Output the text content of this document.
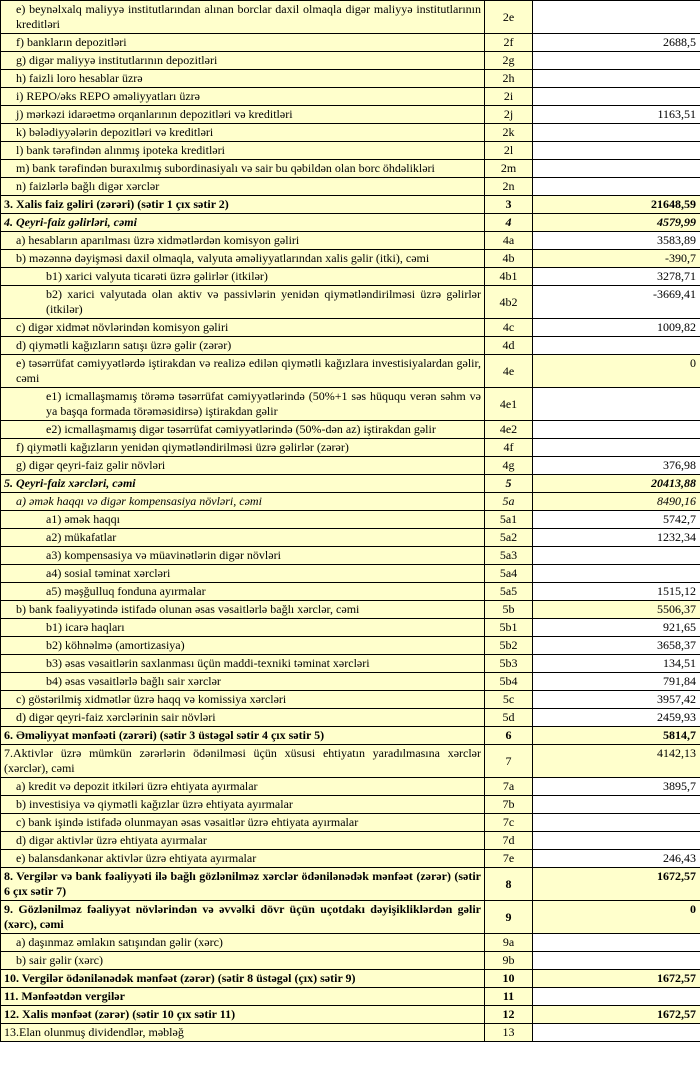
e) beynəlxalq maliyyə institutlarından alınan borclar daxil olmaqla digər maliyyə institutlarının kreditləri	2e	
f) bankların depozitləri	2f	2688,5
g) digər maliyyə institutlarının depozitləri	2g	
h) faizli loro hesablar üzrə	2h	
i) REPO/əks REPO əməliyyatları üzrə	2i	
j) mərkəzi idarəetmə orqanlarının depozitləri və kreditləri	2j	1163,51
k) bələdiyyələrin depozitləri və kreditləri	2k	
l) bank tərəfindən alınmış ipoteka kreditləri	2l	
m) bank tərəfindən buraxılmış subordinasiyalı və sair bu qəbildən olan borc öhdəlikləri	2m	
n) faizlərlə bağlı digər xərclər	2n	
3. Xalis faiz gəliri (zərəri) (sətir 1 çıx sətir 2)	3	21648,59
4. Qeyri-faiz gəlirləri, cəmi	4	4579,99
a) hesabların aparılması üzrə xidmətlərdən komisyon gəliri	4a	3583,89
b) məzənnə dəyişməsi daxil olmaqla, valyuta əməliyyatlarından xalis gəlir (itki), cəmi	4b	-390,7
b1) xarici valyuta ticarəti üzrə gəlirlər (itkilər)	4b1	3278,71
b2) xarici valyutada olan aktiv və passivlərin yenidən qiymətləndirilməsi üzrə gəlirlər (itkilər)	4b2	-3669,41
c) digər xidmət növlərindən komisyon gəliri	4c	1009,82
d) qiymətli kağızların satışı üzrə gəlir (zərər)	4d	
e) təsərrüfat cəmiyyətlərdə iştirakdan və realizə edilən qiymətli kağızlara investisiyalardan gəlir, cəmi	4e	0
e1) icmallaşmamış törəmə təsərrüfat cəmiyyətlərində (50%+1 səs hüququ verən səhm və ya başqa formada törəməsidirsə) iştirakdan gəlir	4e1	
e2) icmallaşmamış digər təsərrüfat cəmiyyətlərində (50%-dən az) iştirakdan gəlir	4e2	
f) qiymətli kağızların yenidən qiymətləndirilməsi üzrə gəlirlər (zərər)	4f	
g) digər qeyri-faiz gəlir növləri	4g	376,98
5. Qeyri-faiz xərcləri, cəmi	5	20413,88
a) əmək haqqı və digər kompensasiya növləri, cəmi	5a	8490,16
a1) əmək haqqı	5a1	5742,7
a2) mükafatlar	5a2	1232,34
a3) kompensasiya və müavinətlərin digər növləri	5a3	
a4) sosial təminat xərcləri	5a4	
a5) məşğulluq fonduna ayırmalar	5a5	1515,12
b) bank fəaliyyətində istifadə olunan əsas vəsaitlərlə bağlı xərclər, cəmi	5b	5506,37
b1) icarə haqları	5b1	921,65
b2) köhnəlmə (amortizasiya)	5b2	3658,37
b3) əsas vəsaitlərin saxlanması üçün maddi-texniki təminat xərcləri	5b3	134,51
b4) əsas vəsaitlərlə bağlı sair xərclər	5b4	791,84
c) göstərilmiş xidmətlər üzrə haqq və komissiya xərcləri	5c	3957,42
d) digər qeyri-faiz xərclərinin sair növləri	5d	2459,93
6. Əməliyyat mənfəəti (zərəri) (sətir 3 üstəgəl sətir 4 çıx sətir 5)	6	5814,7
7.Aktivlər üzrə mümkün zərərlərin ödənilməsi üçün xüsusi ehtiyatın yaradılmasına xərclər (xərclər), cəmi	7	4142,13
a) kredit və depozit itkiləri üzrə ehtiyata ayırmalar	7a	3895,7
b) investisiya və qiymətli kağızlar üzrə ehtiyata ayırmalar	7b	
c) bank işində istifadə olunmayan əsas vəsaitlər üzrə ehtiyata ayırmalar	7c	
d) digər aktivlər üzrə ehtiyata ayırmalar	7d	
e) balansdankənar aktivlər üzrə ehtiyata ayırmalar	7e	246,43
8. Vergilər və bank fəaliyyəti ilə bağlı gözlənilməz xərclər ödənilənədək mənfəət (zərər) (sətir 6 çıx sətir 7)	8	1672,57
9. Gözlənilməz fəaliyyət növlərindən və əvvəlki dövr üçün uçotdakı dəyişikliklərdən gəlir (xərc), cəmi	9	0
a) daşınmaz əmlakın satışından gəlir (xərc)	9a	
b) sair gəlir (xərc)	9b	
10. Vergilər ödənilənədək mənfəət (zərər) (sətir 8 üstəgəl (çıx) sətir 9)	10	1672,57
11. Mənfəətdən vergilər	11	
12. Xalis mənfəət (zərər) (sətir 10 çıx sətir 11)	12	1672,57
13.Elan olunmuş dividendlər, məbləğ	13	
